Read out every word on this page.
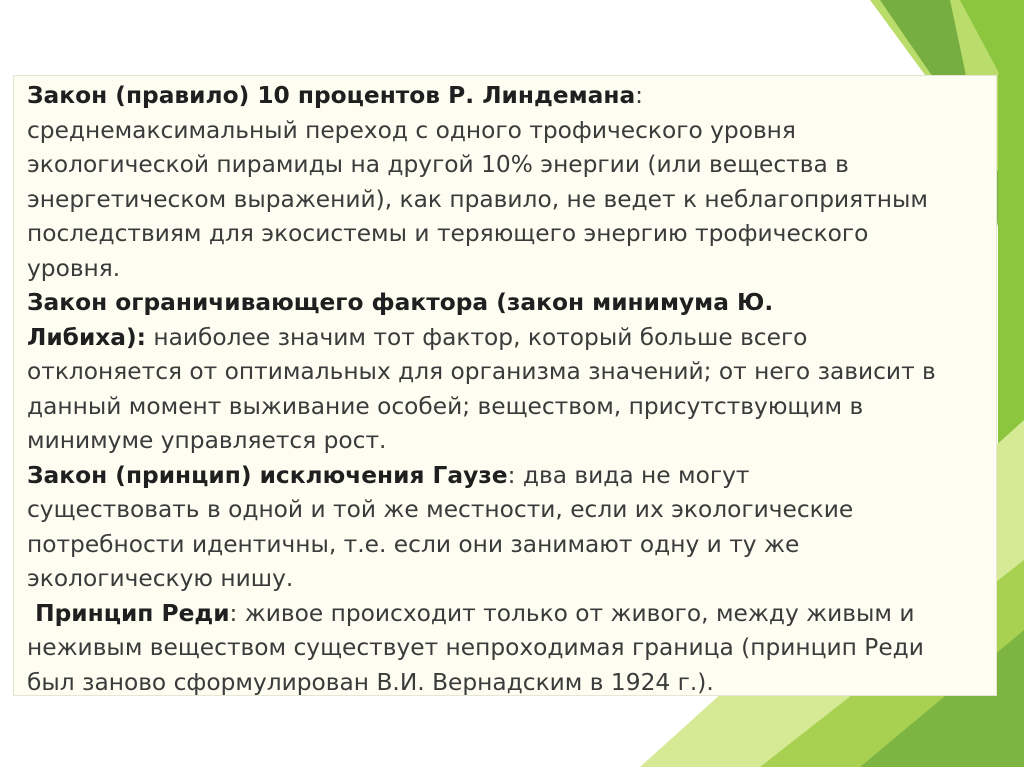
Закон (правило) 10 процентов Р. Линдемана:

среднемаксимальный переход с одного трофического уровня

экологической пирамиды на другой 10% энергии (или вещества в

энергетическом выражений), как правило, не ведет к неблагоприятным

последствиям для экосистемы и теряющего энергию трофического

уровня.

Закон ограничивающего фактора (закон минимума Ю.

Либиха): наиболее значим тот фактор, который больше всего

отклоняется от оптимальных для организма значений; от него зависит в

данный момент выживание особей; веществом, присутствующим в

минимуме управляется рост.

Закон (принцип) исключения Гаузе: два вида не могут

существовать в одной и той же местности, если их экологические

потребности идентичны, т.е. если они занимают одну и ту же

экологическую нишу.

Принцип Реди: живое происходит только от живого, между живым и

неживым веществом существует непроходимая граница (принцип Реди

был заново сформулирован В.И. Вернадским в 1924 г.).
